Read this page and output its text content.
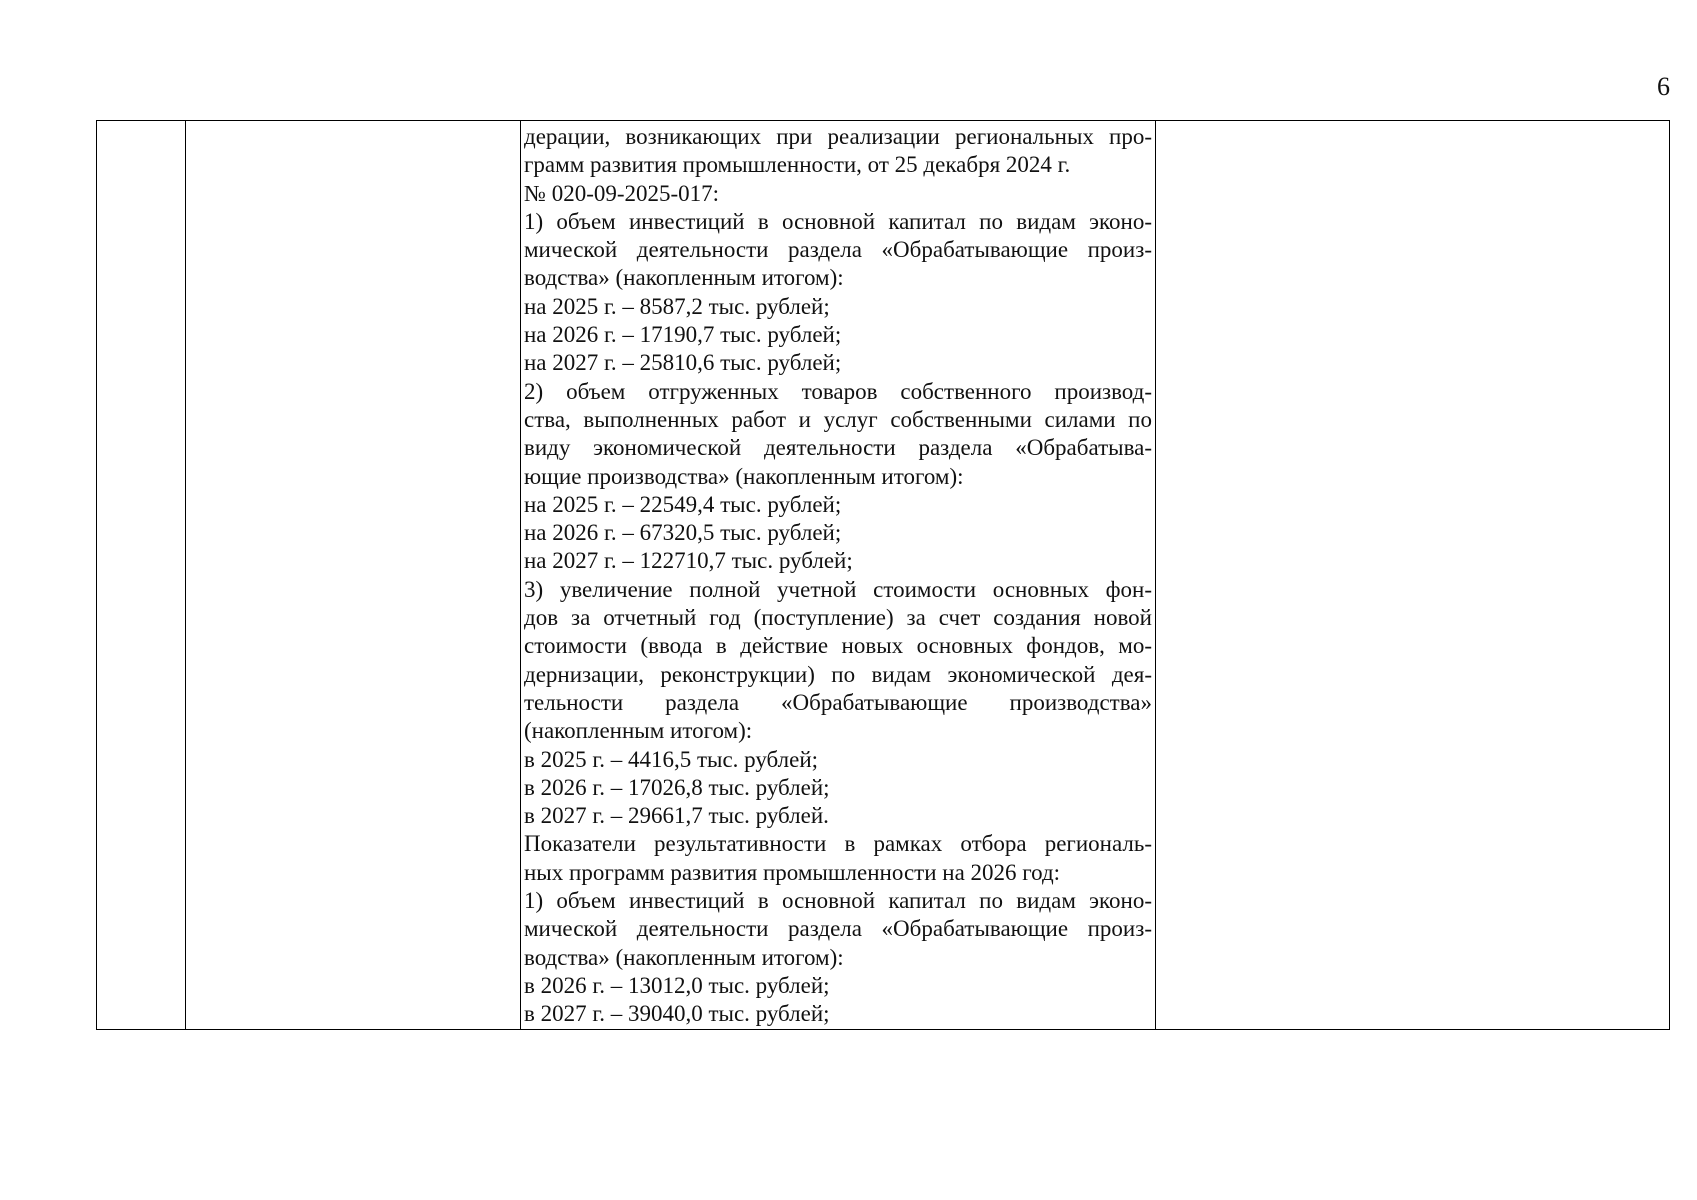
6

дерации, возникающих при реализации региональных про-
грамм развития промышленности, от 25 декабря 2024 г.
№ 020-09-2025-017:
1) объем инвестиций в основной капитал по видам эконо-
мической деятельности раздела «Обрабатывающие произ-
водства» (накопленным итогом):
на 2025 г. – 8587,2 тыс. рублей;
на 2026 г. – 17190,7 тыс. рублей;
на 2027 г. – 25810,6 тыс. рублей;
2) объем отгруженных товаров собственного производ-
ства, выполненных работ и услуг собственными силами по
виду экономической деятельности раздела «Обрабатыва-
ющие производства» (накопленным итогом):
на 2025 г. – 22549,4 тыс. рублей;
на 2026 г. – 67320,5 тыс. рублей;
на 2027 г. – 122710,7 тыс. рублей;
3) увеличение полной учетной стоимости основных фон-
дов за отчетный год (поступление) за счет создания новой
стоимости (ввода в действие новых основных фондов, мо-
дернизации, реконструкции) по видам экономической дея-
тельности раздела «Обрабатывающие производства»
(накопленным итогом):
в 2025 г. – 4416,5 тыс. рублей;
в 2026 г. – 17026,8 тыс. рублей;
в 2027 г. – 29661,7 тыс. рублей.
Показатели результативности в рамках отбора региональ-
ных программ развития промышленности на 2026 год:
1) объем инвестиций в основной капитал по видам эконо-
мической деятельности раздела «Обрабатывающие произ-
водства» (накопленным итогом):
в 2026 г. – 13012,0 тыс. рублей;
в 2027 г. – 39040,0 тыс. рублей;
